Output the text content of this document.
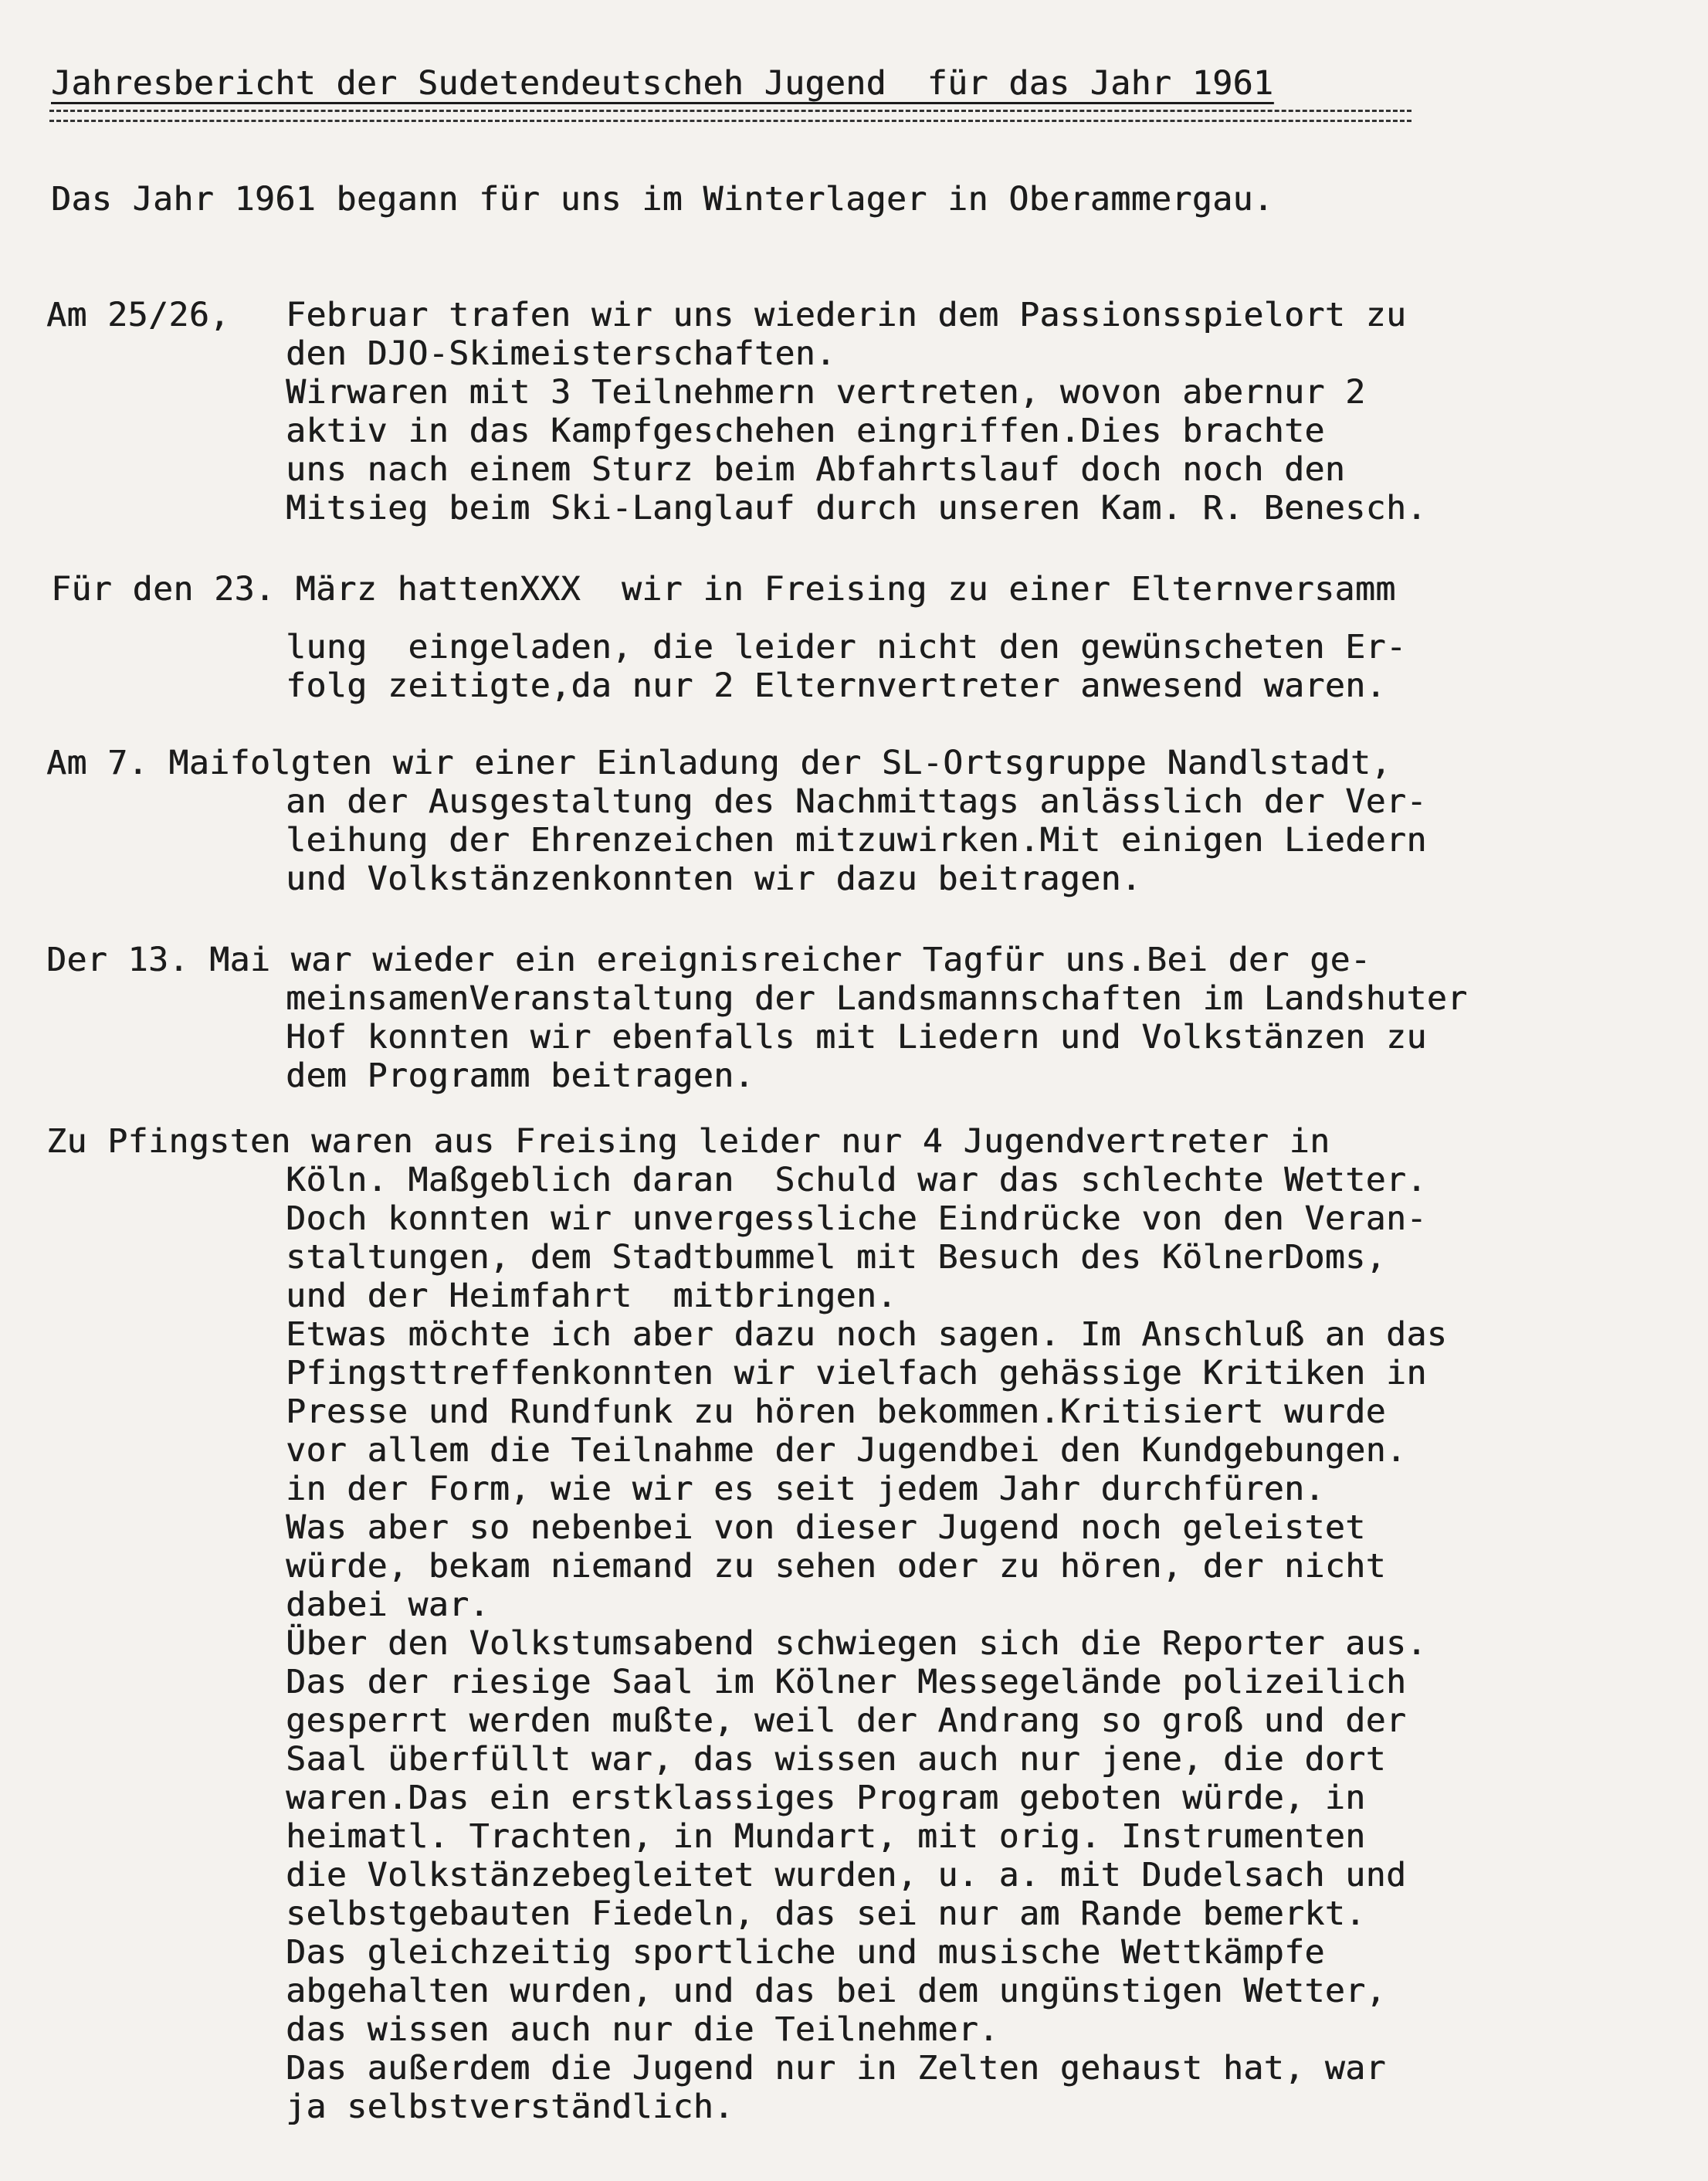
Jahresbericht der Sudetendeutscheh Jugend  für das Jahr 1961
Das Jahr 1961 begann für uns im Winterlager in Oberammergau.
Am 25/26, Februar trafen wir uns wiederin dem Passionsspielort zu
den DJO-Skimeisterschaften.
Wirwaren mit 3 Teilnehmern vertreten, wovon abernur 2
aktiv in das Kampfgeschehen eingriffen.Dies brachte
uns nach einem Sturz beim Abfahrtslauf doch noch den
Mitsieg beim Ski-Langlauf durch unseren Kam. R. Benesch.
Für den 23. März hattenXXX  wir in Freising zu einer Elternversamm
lung  eingeladen, die leider nicht den gewünscheten Er-
folg zeitigte,da nur 2 Elternvertreter anwesend waren.
Am 7. Maifolgten wir einer Einladung der SL-Ortsgruppe Nandlstadt,
an der Ausgestaltung des Nachmittags anlässlich der Ver-
leihung der Ehrenzeichen mitzuwirken.Mit einigen Liedern
und Volkstänzenkonnten wir dazu beitragen.
Der 13. Mai war wieder ein ereignisreicher Tagfür uns.Bei der ge-
meinsamenVeranstaltung der Landsmannschaften im Landshuter
Hof konnten wir ebenfalls mit Liedern und Volkstänzen zu
dem Programm beitragen.
Zu Pfingsten waren aus Freising leider nur 4 Jugendvertreter in
Köln. Maßgeblich daran  Schuld war das schlechte Wetter.
Doch konnten wir unvergessliche Eindrücke von den Veran-
staltungen, dem Stadtbummel mit Besuch des KölnerDoms,
und der Heimfahrt  mitbringen.
Etwas möchte ich aber dazu noch sagen. Im Anschluß an das
Pfingsttreffenkonnten wir vielfach gehässige Kritiken in
Presse und Rundfunk zu hören bekommen.Kritisiert wurde
vor allem die Teilnahme der Jugendbei den Kundgebungen.
in der Form, wie wir es seit jedem Jahr durchfüren.
Was aber so nebenbei von dieser Jugend noch geleistet
würde, bekam niemand zu sehen oder zu hören, der nicht
dabei war.
Über den Volkstumsabend schwiegen sich die Reporter aus.
Das der riesige Saal im Kölner Messegelände polizeilich
gesperrt werden mußte, weil der Andrang so groß und der
Saal überfüllt war, das wissen auch nur jene, die dort
waren.Das ein erstklassiges Program geboten würde, in
heimatl. Trachten, in Mundart, mit orig. Instrumenten
die Volkstänzebegleitet wurden, u. a. mit Dudelsach und
selbstgebauten Fiedeln, das sei nur am Rande bemerkt.
Das gleichzeitig sportliche und musische Wettkämpfe
abgehalten wurden, und das bei dem ungünstigen Wetter,
das wissen auch nur die Teilnehmer.
Das außerdem die Jugend nur in Zelten gehaust hat, war
ja selbstverständlich.
